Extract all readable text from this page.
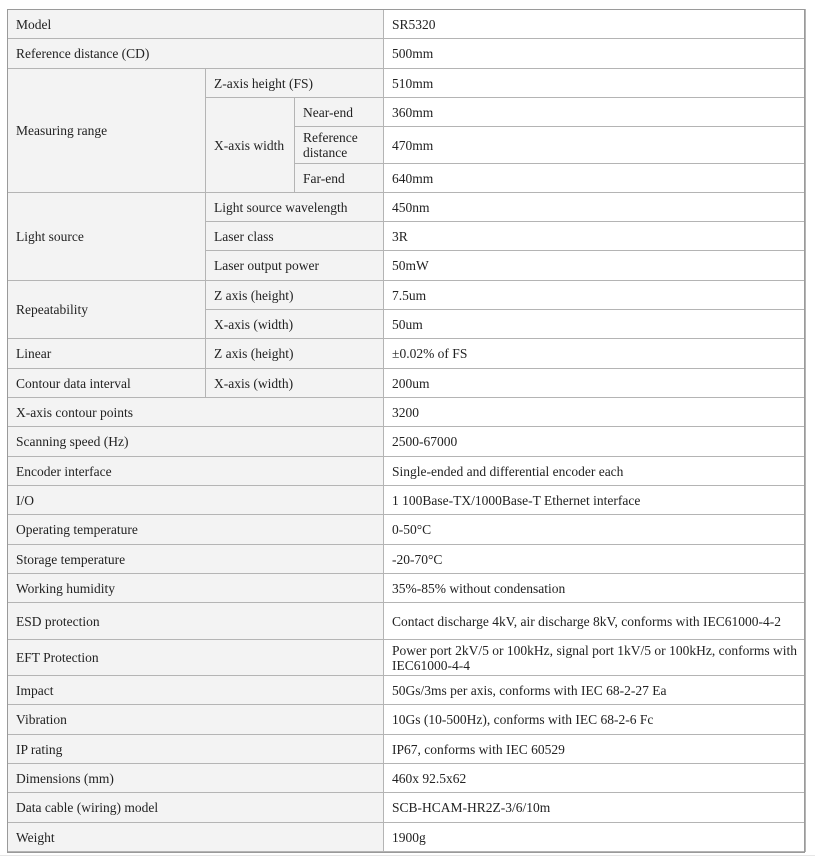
Model			SR5320
Reference distance (CD)			500mm
Measuring range	Z-axis height (FS)		510mm
	X-axis width	Near-end	360mm
		Reference distance	470mm
		Far-end	640mm
Light source	Light source wavelength		450nm
	Laser class		3R
	Laser output power		50mW
Repeatability	Z axis (height)		7.5um
	X-axis (width)		50um
Linear	Z axis (height)		±0.02% of FS
Contour data interval	X-axis (width)		200um
X-axis contour points			3200
Scanning speed (Hz)			2500-67000
Encoder interface			Single-ended and differential encoder each
I/O			1 100Base-TX/1000Base-T Ethernet interface
Operating temperature			0-50°C
Storage temperature			-20-70°C
Working humidity			35%-85% without condensation
ESD protection			Contact discharge 4kV, air discharge 8kV, conforms with IEC61000-4-2
EFT Protection			Power port 2kV/5 or 100kHz, signal port 1kV/5 or 100kHz, conforms with IEC61000-4-4
Impact			50Gs/3ms per axis, conforms with IEC 68-2-27 Ea
Vibration			10Gs (10-500Hz), conforms with IEC 68-2-6 Fc
IP rating			IP67, conforms with IEC 60529
Dimensions (mm)			460x 92.5x62
Data cable (wiring) model			SCB-HCAM-HR2Z-3/6/10m
Weight			1900g
